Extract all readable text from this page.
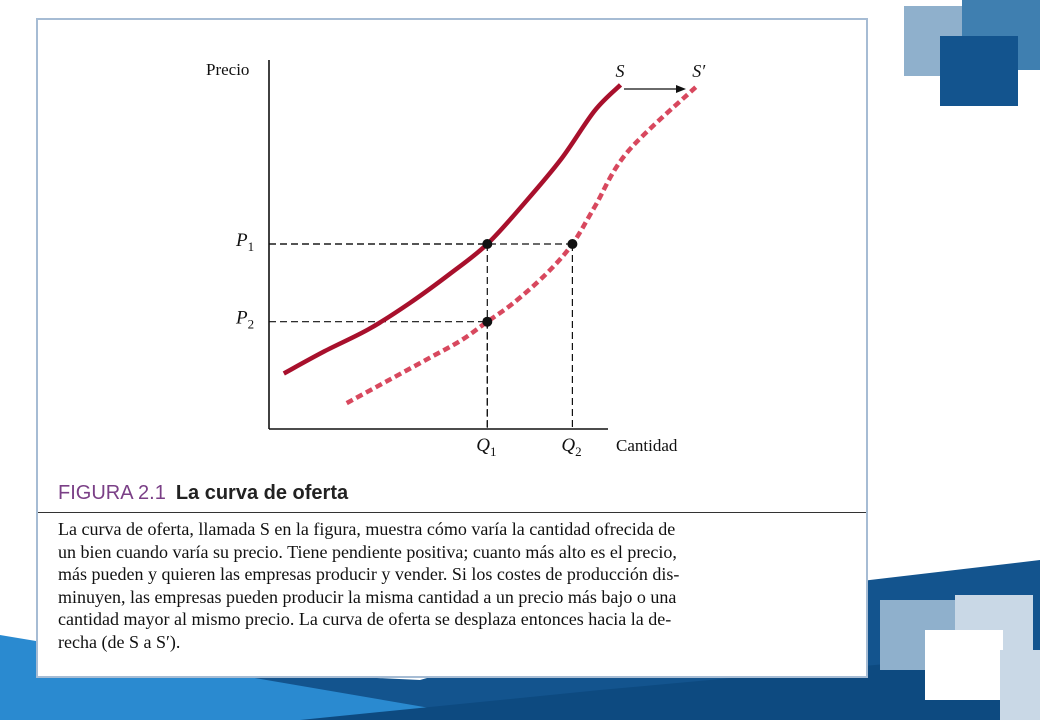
Precio
Cantidad
$Q_1$	$Q_2$
$P_1$
$P_2$
S	S′
FIGURA 2.1 La curva de oferta

La curva de oferta, llamada S en la figura, muestra cómo varía la cantidad ofrecida de

un bien cuando varía su precio. Tiene pendiente positiva; cuanto más alto es el precio,

más pueden y quieren las empresas producir y vender. Si los costes de producción dis-

minuyen, las empresas pueden producir la misma cantidad a un precio más bajo o una

cantidad mayor al mismo precio. La curva de oferta se desplaza entonces hacia la de-

recha (de S a S′).
